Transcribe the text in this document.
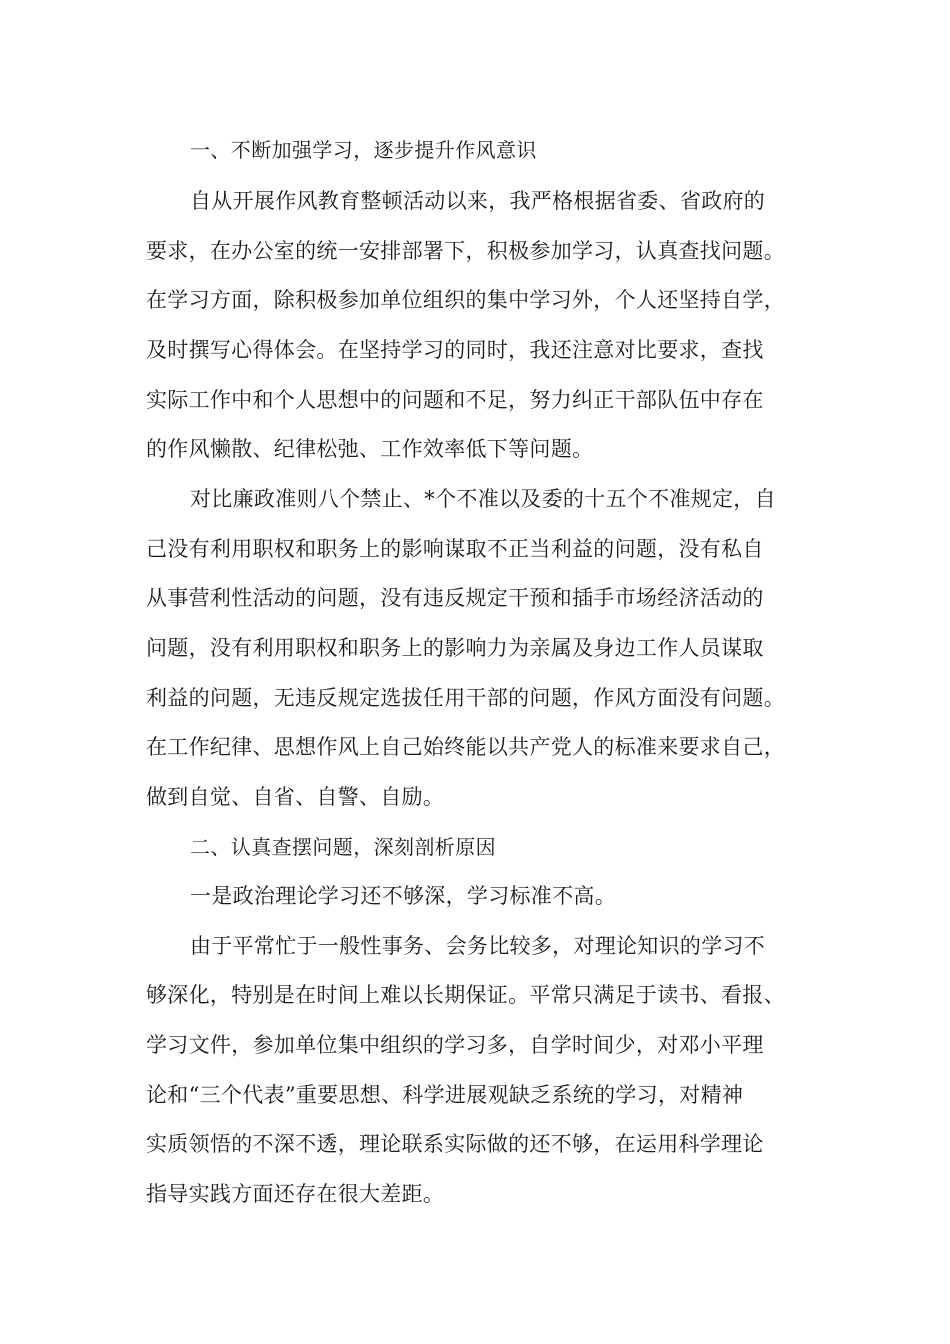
一、不断加强学习，逐步提升作风意识
自从开展作风教育整顿活动以来，我严格根据省委、省政府的
要求，在办公室的统一安排部署下，积极参加学习，认真查找问题。
在学习方面，除积极参加单位组织的集中学习外，个人还坚持自学，
及时撰写心得体会。在坚持学习的同时，我还注意对比要求，查找
实际工作中和个人思想中的问题和不足，努力纠正干部队伍中存在
的作风懒散、纪律松弛、工作效率低下等问题。
对比廉政准则八个禁止、*个不准以及委的十五个不准规定，自
己没有利用职权和职务上的影响谋取不正当利益的问题，没有私自
从事营利性活动的问题，没有违反规定干预和插手市场经济活动的
问题，没有利用职权和职务上的影响力为亲属及身边工作人员谋取
利益的问题，无违反规定选拔任用干部的问题，作风方面没有问题。
在工作纪律、思想作风上自己始终能以共产党人的标准来要求自己，
做到自觉、自省、自警、自励。
二、认真查摆问题，深刻剖析原因
一是政治理论学习还不够深，学习标准不高。
由于平常忙于一般性事务、会务比较多，对理论知识的学习不
够深化，特别是在时间上难以长期保证。平常只满足于读书、看报、
学习文件，参加单位集中组织的学习多，自学时间少，对邓小平理
论和“三个代表”重要思想、科学进展观缺乏系统的学习，对精神
实质领悟的不深不透，理论联系实际做的还不够，在运用科学理论
指导实践方面还存在很大差距。
